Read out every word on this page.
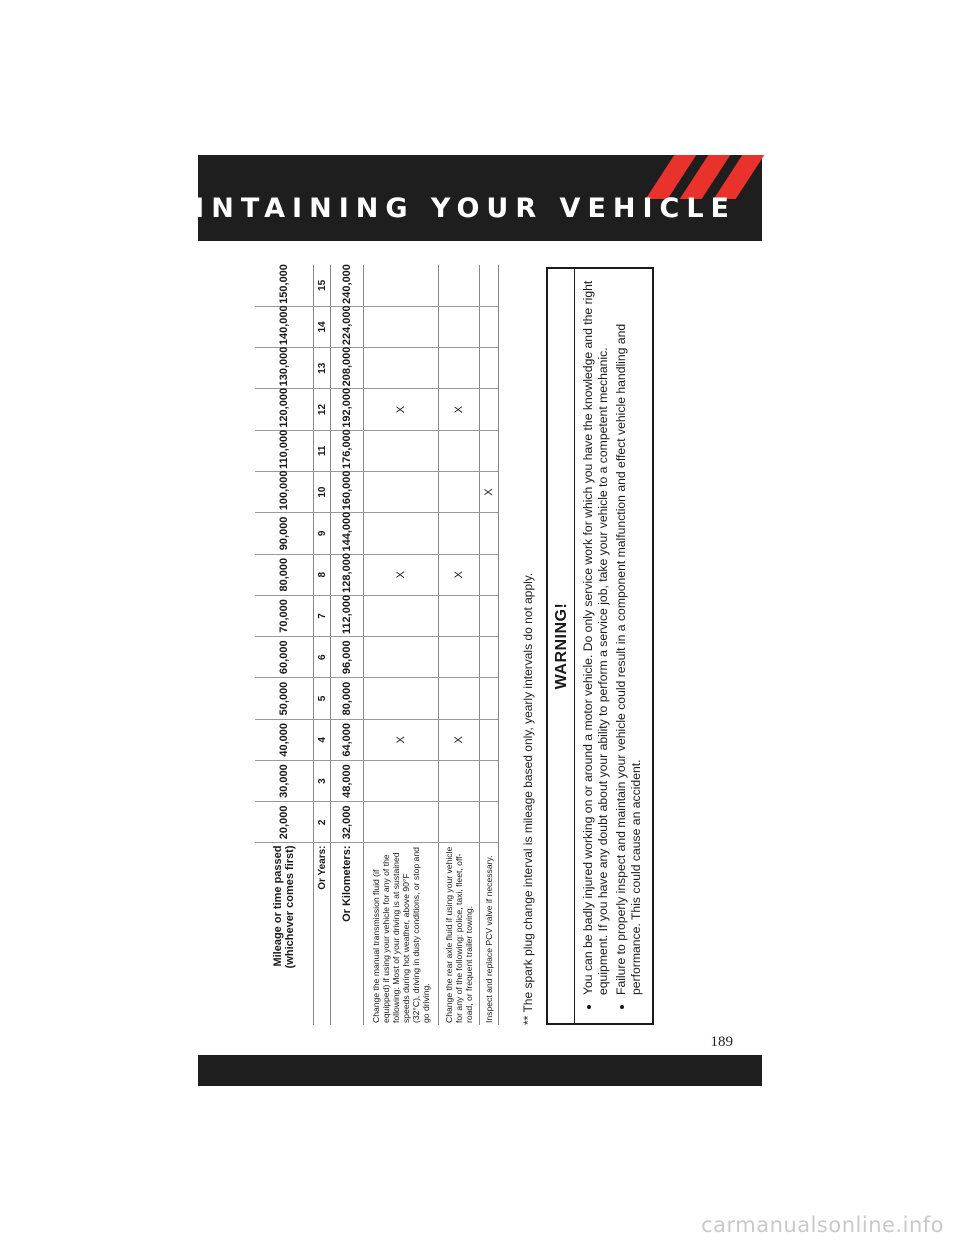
MAINTAINING YOUR VEHICLE
Mileage or time passed (whichever comes first)	20,000	30,000	40,000	50,000	60,000	70,000	80,000	90,000	100,000	110,000	120,000	130,000	140,000	150,000
Or Years:	2	3	4	5	6	7	8	9	10	11	12	13	14	15
Or Kilometers:	32,000	48,000	64,000	80,000	96,000	112,000	128,000	144,000	160,000	176,000	192,000	208,000	224,000	240,000
Change the manual transmission fluid (if equipped) if using your vehicle for any of the following: Most of your driving is at sustained speeds during hot weather, above 90°F (32°C), driving in dusty conditions, or stop and go driving.			X				X				X			
Change the rear axle fluid if using your vehicle for any of the following: police, taxi, fleet, off-road, or frequent trailer towing.			X				X				X			
Inspect and replace PCV valve if necessary.									X					
** The spark plug change interval is mileage based only, yearly intervals do not apply.	WARNING! • You can be badly injured working on or around a motor vehicle. Do only service work for which you have the knowledge and the right equipment. If you have any doubt about your ability to perform a service job, take your vehicle to a competent mechanic. • Failure to properly inspect and maintain your vehicle could result in a component malfunction and effect vehicle handling and performance. This could cause an accident.
189
carmanualsonline.info
